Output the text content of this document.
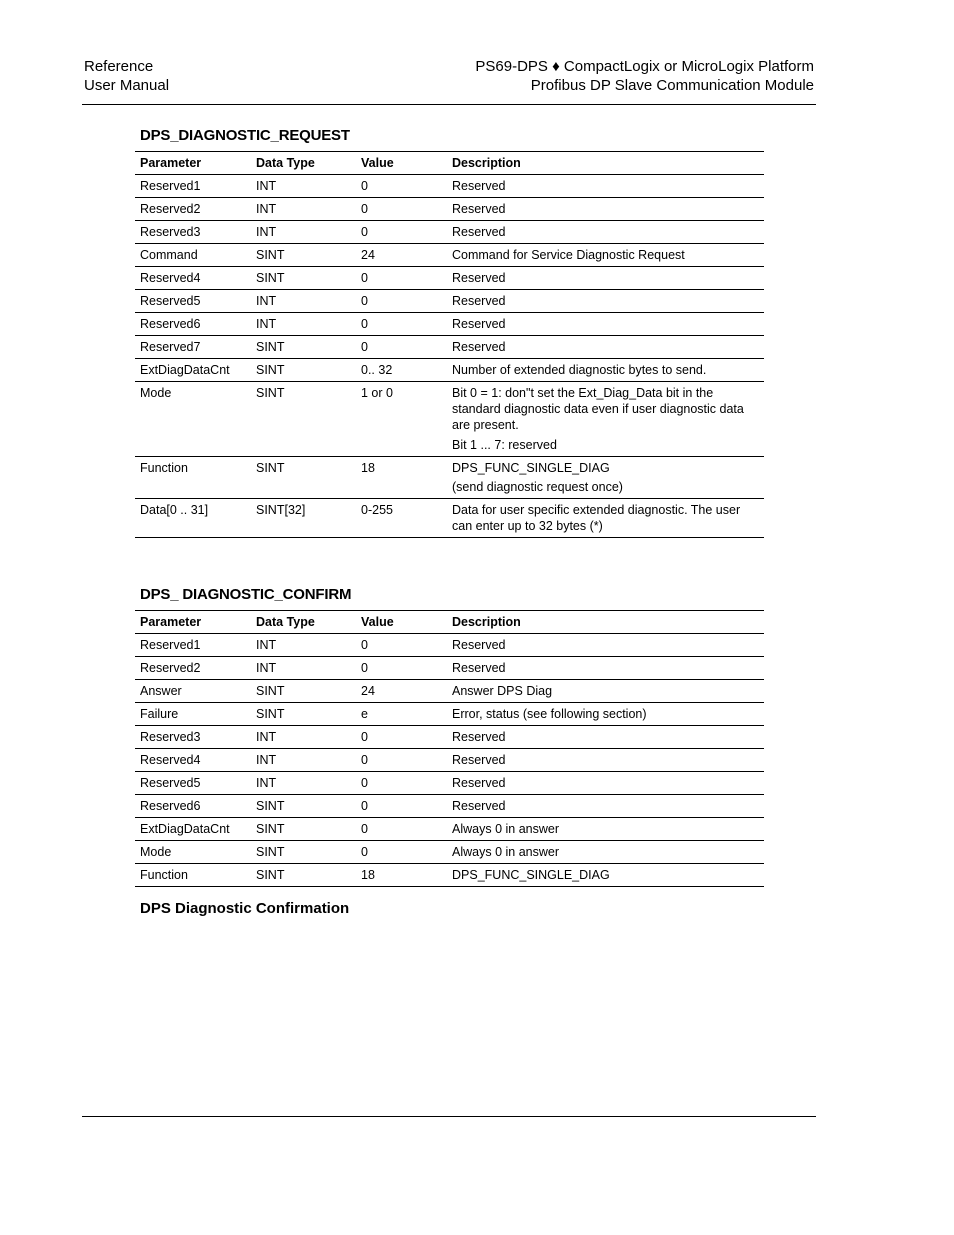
Reference
User Manual
PS69-DPS ♦ CompactLogix or MicroLogix Platform
Profibus DP Slave Communication Module
DPS_DIAGNOSTIC_REQUEST
Parameter	Data Type	Value	Description
Reserved1	INT	0	Reserved
Reserved2	INT	0	Reserved
Reserved3	INT	0	Reserved
Command	SINT	24	Command for Service Diagnostic Request
Reserved4	SINT	0	Reserved
Reserved5	INT	0	Reserved
Reserved6	INT	0	Reserved
Reserved7	SINT	0	Reserved
ExtDiagDataCnt	SINT	0.. 32	Number of extended diagnostic bytes to send.
Mode	SINT	1 or 0	Bit 0 = 1: don"t set the Ext_Diag_Data bit in the standard diagnostic data even if user diagnostic data are present.
Bit 1 ... 7: reserved

Function	SINT	18	DPS_FUNC_SINGLE_DIAG
(send diagnostic request once)

Data[0 .. 31]	SINT[32]	0-255	Data for user specific extended diagnostic. The user can enter up to 32 bytes (*)
DPS_ DIAGNOSTIC_CONFIRM
Parameter	Data Type	Value	Description
Reserved1	INT	0	Reserved
Reserved2	INT	0	Reserved
Answer	SINT	24	Answer DPS Diag
Failure	SINT	e	Error, status (see following section)
Reserved3	INT	0	Reserved
Reserved4	INT	0	Reserved
Reserved5	INT	0	Reserved
Reserved6	SINT	0	Reserved
ExtDiagDataCnt	SINT	0	Always 0 in answer
Mode	SINT	0	Always 0 in answer
Function	SINT	18	DPS_FUNC_SINGLE_DIAG
DPS Diagnostic Confirmation
